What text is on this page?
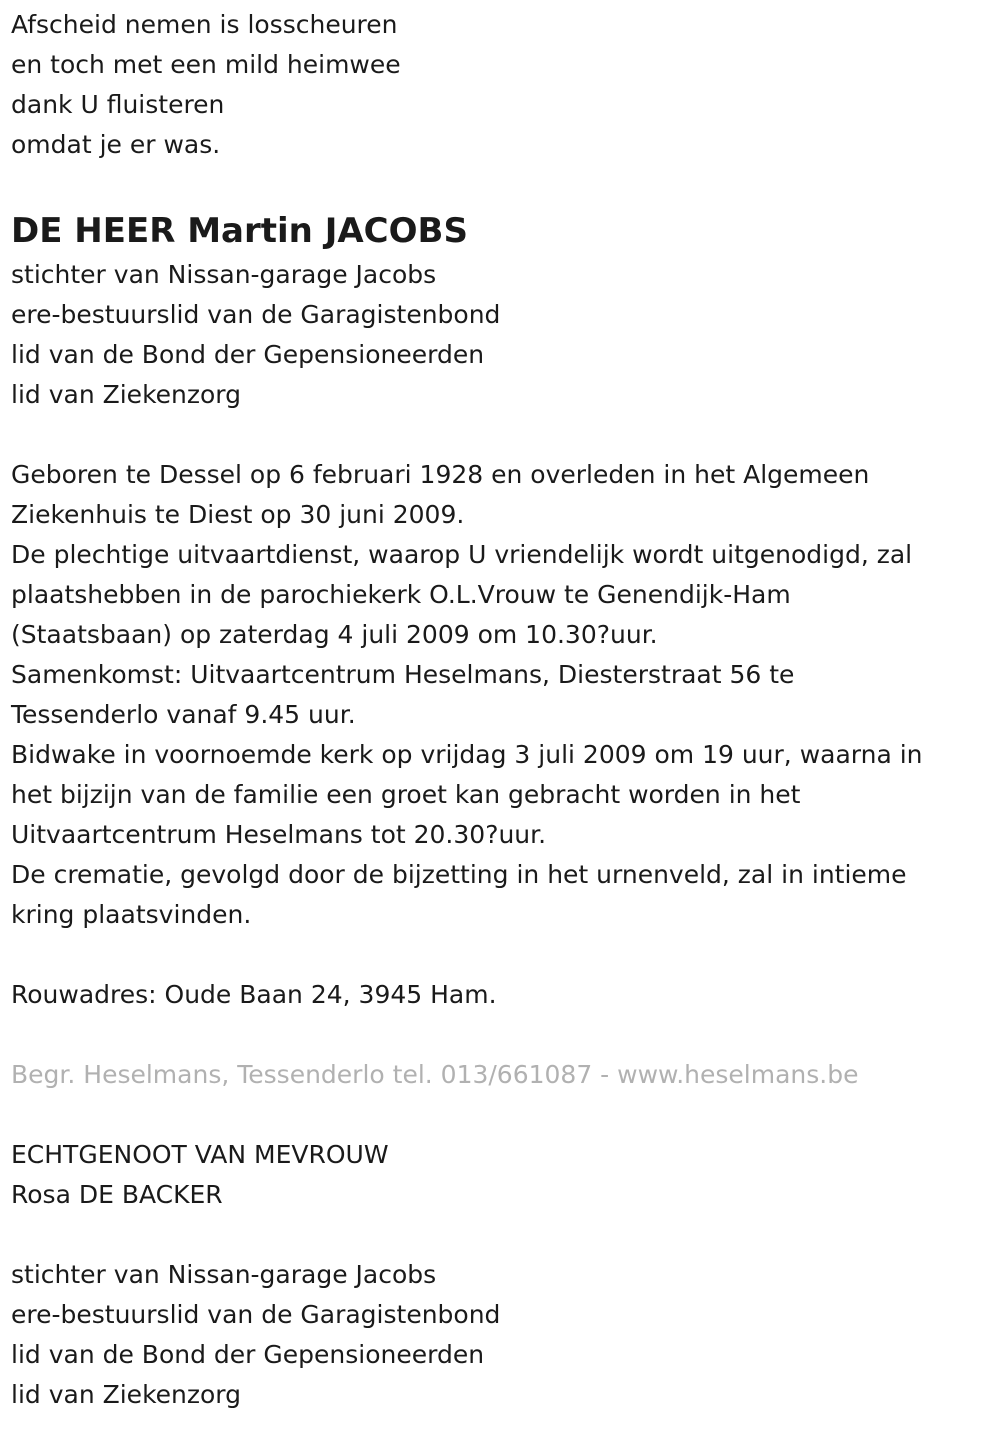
Afscheid nemen is losscheuren
en toch met een mild heimwee
dank U fluisteren
omdat je er was.
DE HEER Martin JACOBS
stichter van Nissan-garage Jacobs
ere-bestuurslid van de Garagistenbond
lid van de Bond der Gepensioneerden
lid van Ziekenzorg
Geboren te Dessel op 6 februari 1928 en overleden in het Algemeen
Ziekenhuis te Diest op 30 juni 2009.
De plechtige uitvaartdienst, waarop U vriendelijk wordt uitgenodigd, zal
plaatshebben in de parochiekerk O.L.Vrouw te Genendijk-Ham
(Staatsbaan) op zaterdag 4 juli 2009 om 10.30?uur.
Samenkomst: Uitvaartcentrum Heselmans, Diesterstraat 56 te
Tessenderlo vanaf 9.45 uur.
Bidwake in voornoemde kerk op vrijdag 3 juli 2009 om 19 uur, waarna in
het bijzijn van de familie een groet kan gebracht worden in het
Uitvaartcentrum Heselmans tot 20.30?uur.
De crematie, gevolgd door de bijzetting in het urnenveld, zal in intieme
kring plaatsvinden.
Rouwadres: Oude Baan 24, 3945 Ham.
Begr. Heselmans, Tessenderlo tel. 013/661087 - www.heselmans.be
ECHTGENOOT VAN MEVROUW
Rosa DE BACKER
stichter van Nissan-garage Jacobs
ere-bestuurslid van de Garagistenbond
lid van de Bond der Gepensioneerden
lid van Ziekenzorg
